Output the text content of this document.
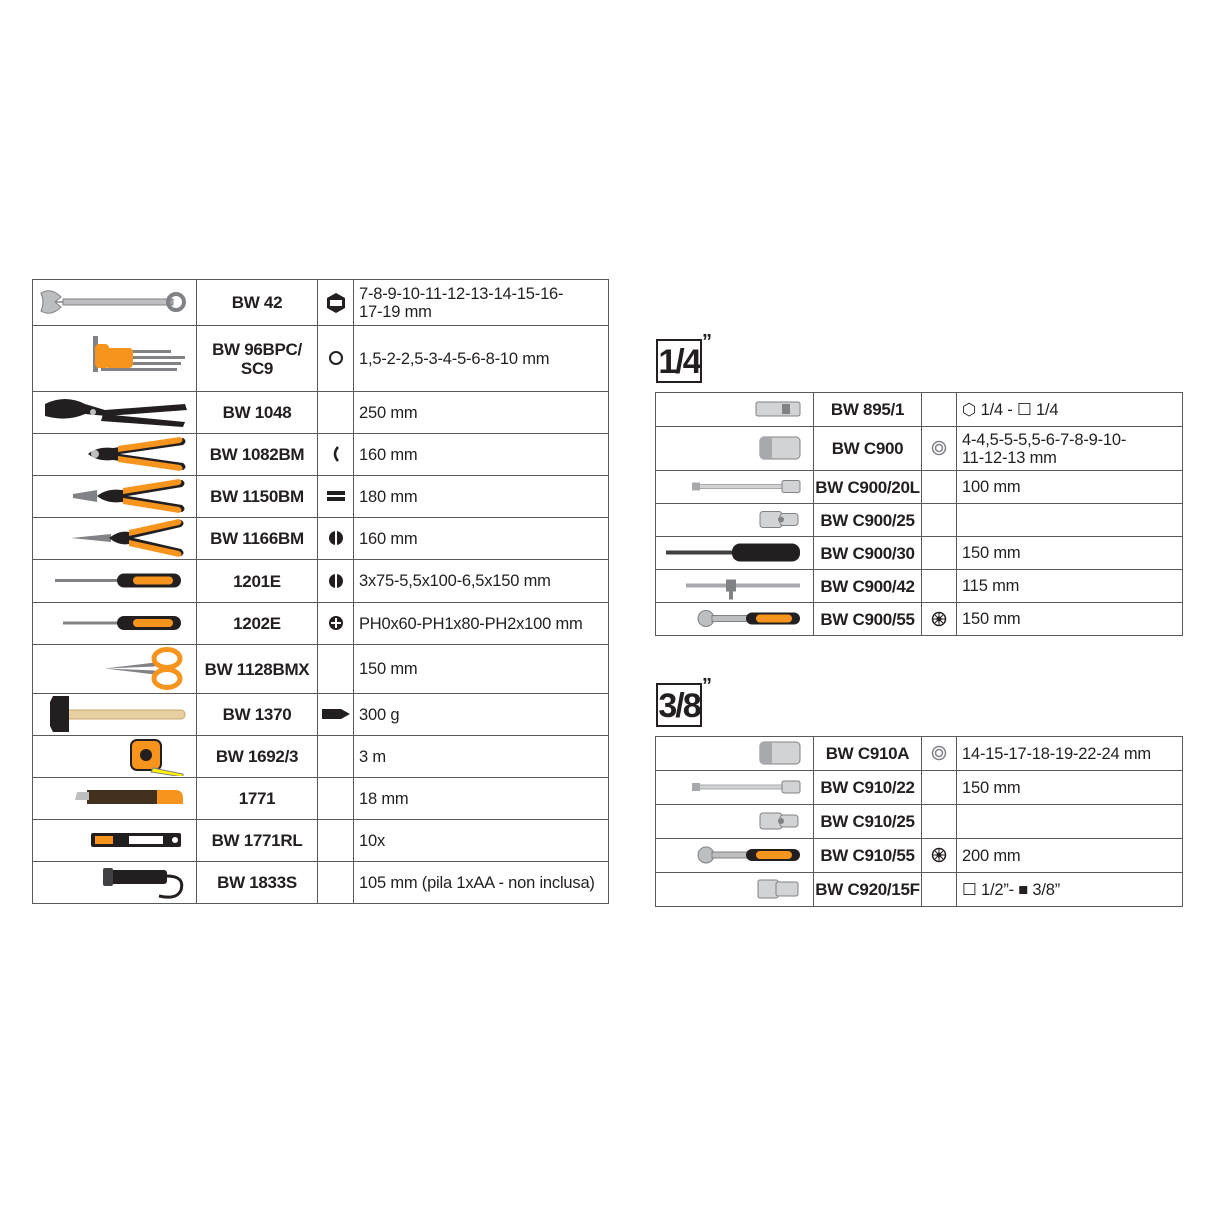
	BW 42		7-8-9-10-11-12-13-14-15-16-
17-19 mm

	BW 96BPC/
SC9		1,5-2-2,5-3-4-5-6-8-10 mm

	BW 1048		250 mm

	BW 1082BM		160 mm

	BW 1150BM		180 mm

	BW 1166BM		160 mm

	1201E		3x75-5,5x100-6,5x150 mm

	1202E		PH0x60-PH1x80-PH2x100 mm

	BW 1128BMX		150 mm

	BW 1370		300 g

	BW 1692/3		3 m

	1771		18 mm

	BW 1771RL		10x

	BW 1833S		105 mm (pila 1xAA - non inclusa)
1/4
”
	BW 895/1		⬡ 1/4 - ☐ 1/4

	BW C900		4-4,5-5-5,5-6-7-8-9-10-
11-12-13 mm

	BW C900/20L		100 mm

	BW C900/25		

	BW C900/30		150 mm

	BW C900/42		115 mm

	BW C900/55		150 mm
3/8
”
	BW C910A		14-15-17-18-19-22-24 mm

	BW C910/22		150 mm

	BW C910/25		

	BW C910/55		200 mm

	BW C920/15F		☐ 1/2”- ■ 3/8”
